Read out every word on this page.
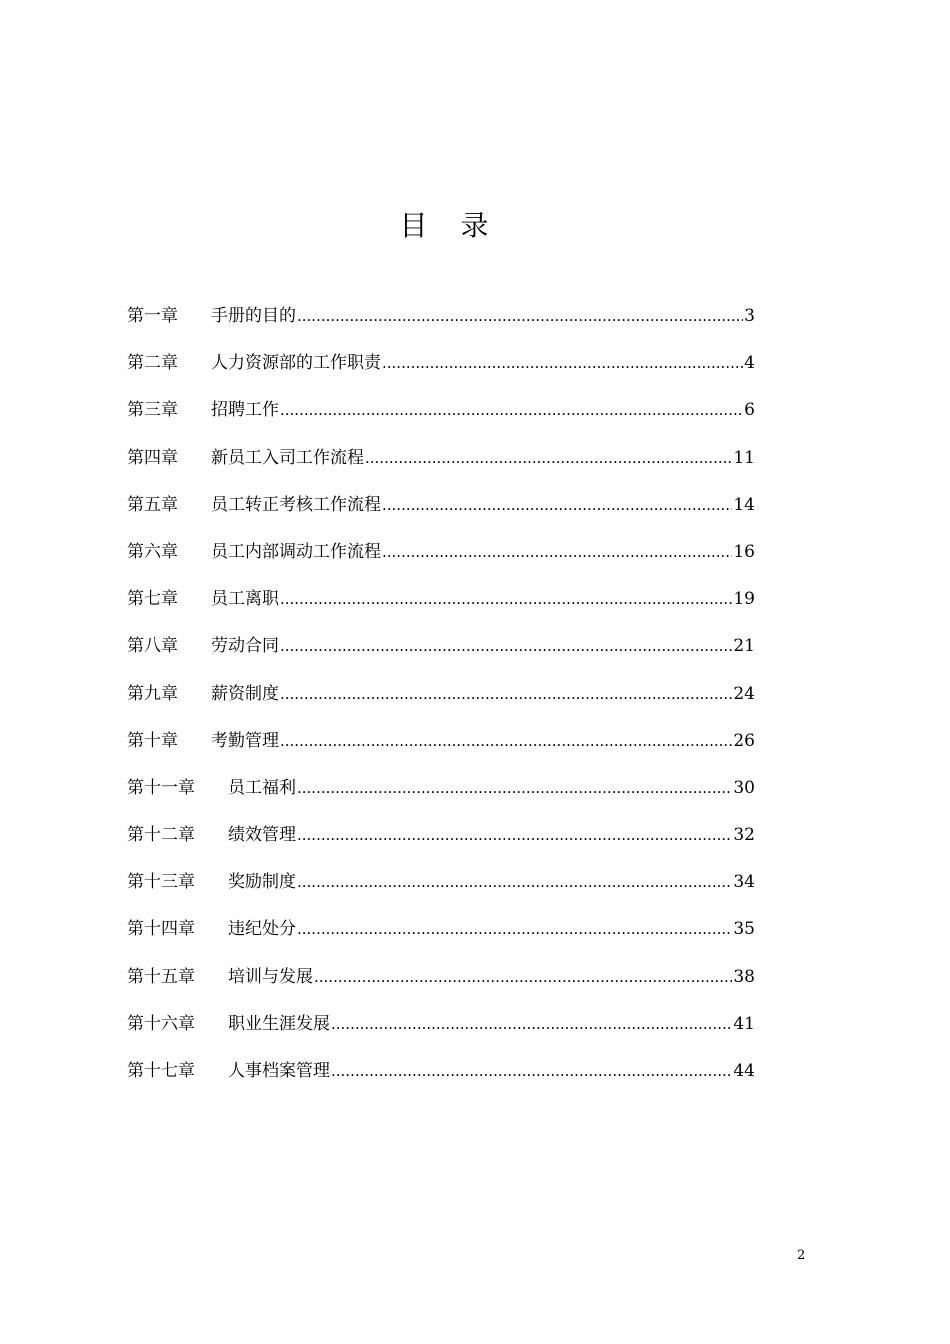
目 录
第一章	手册的目的 .....	3
第二章	人力资源部的工作职责 .....	4
第三章	招聘工作 .....	6
第四章	新员工入司工作流程 .....	11
第五章	员工转正考核工作流程 .....	14
第六章	员工内部调动工作流程 .....	16
第七章	员工离职 .....	19
第八章	劳动合同 .....	21
第九章	薪资制度 .....	24
第十章	考勤管理 .....	26
第十一章	员工福利 .....	30
第十二章	绩效管理 .....	32
第十三章	奖励制度 .....	34
第十四章	违纪处分 .....	35
第十五章	培训与发展 .....	38
第十六章	职业生涯发展 .....	41
第十七章	人事档案管理 .....	44
2
